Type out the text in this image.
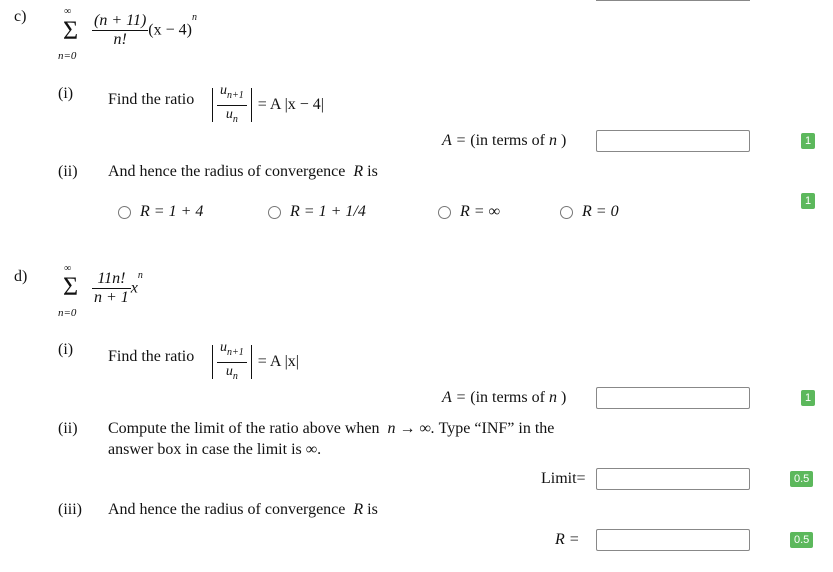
c)	∞
Σ
n=0
$\frac{(n + 11)}{n!} (x - 4)^n$
(i) Find the ratio
$u_{n+1}$
$u_n$
= A |x − 4|
A = (in terms of n )	1
(ii) And hence the radius of convergence R is
1
R = 1 + 4	R = 1 + 1/4	R = ∞	R = 0
d)	∞
Σ
n=0
$\frac{11n!}{n + 1} x^n$
(i) Find the ratio
$u_{n+1}$
$u_n$
= A |x|
A = (in terms of n )	1
(ii) Compute the limit of the ratio above when n → ∞. Type “INF” in the
answer box in case the limit is ∞.
Limit=	0.5
(iii) And hence the radius of convergence R is
R =	0.5
